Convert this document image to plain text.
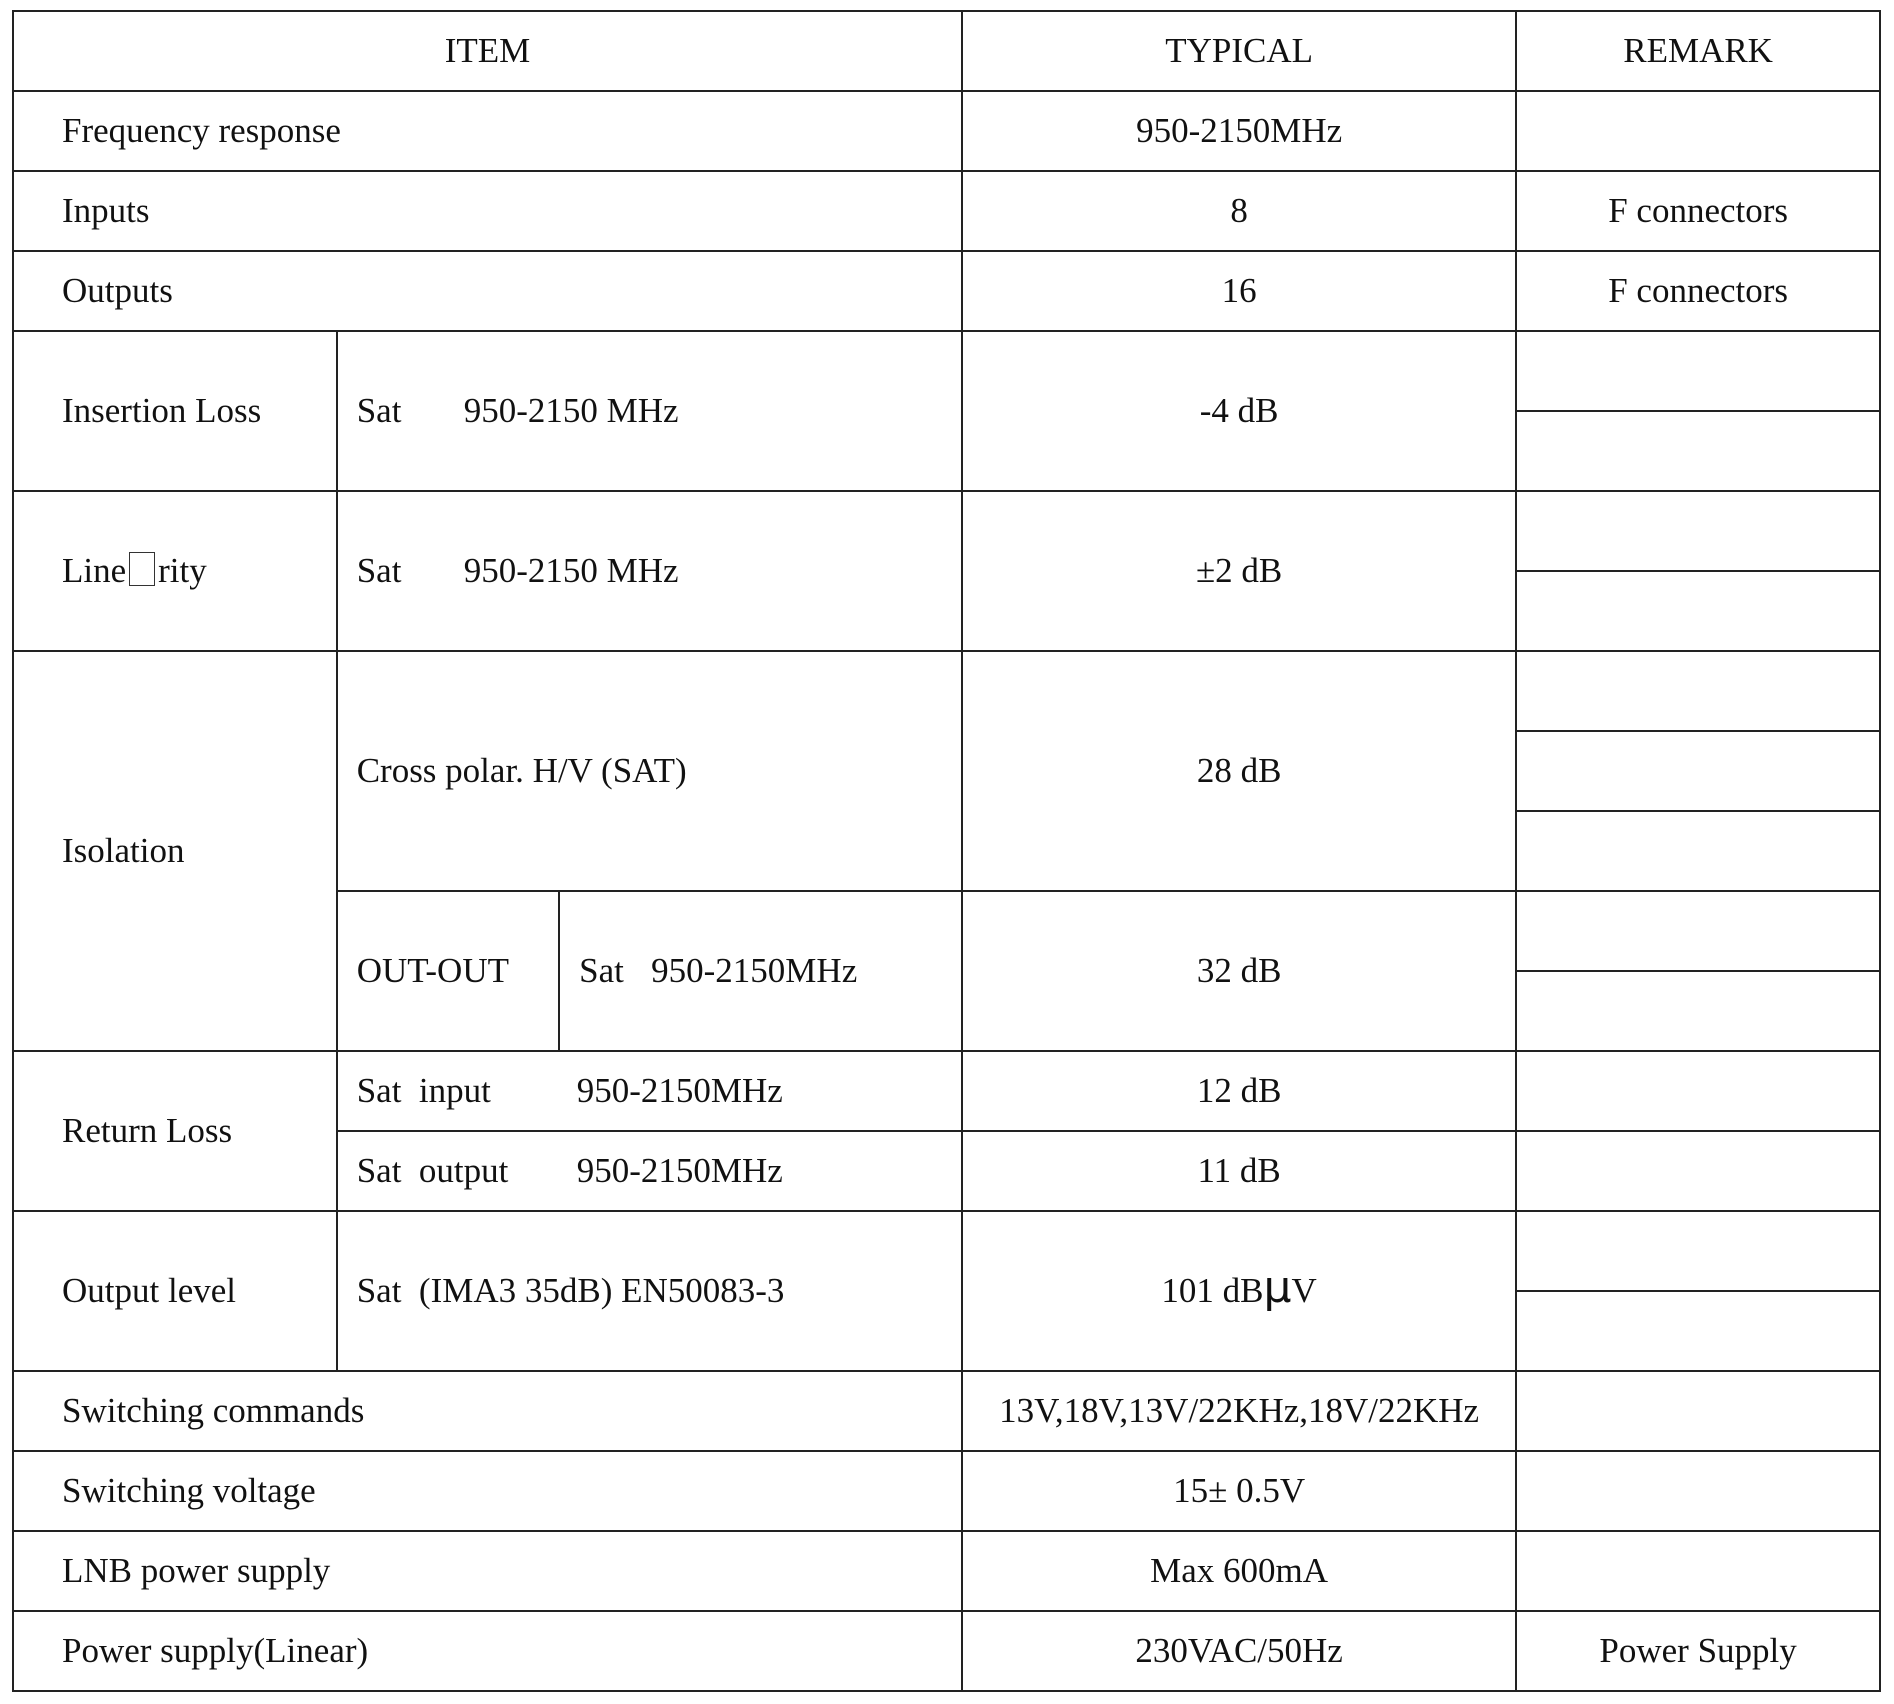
ITEM			TYPICAL	REMARK
Frequency response			950-2150MHz	
Inputs			8	F connectors
Outputs			16	F connectors
Insertion Loss	Sat 950-2150 MHz		-4 dB	

Line rity	Sat 950-2150 MHz		±2 dB	

Isolation	Cross polar. H/V (SAT)		28 dB	

	OUT-OUT	Sat 950-2150MHz	32 dB	

Return Loss	Sat  input 950-2150MHz		12 dB	
	Sat  output 950-2150MHz		11 dB	
Output level	Sat  (IMA3 35dB) EN50083-3		101 dBμV	

Switching commands			13V,18V,13V/22KHz,18V/22KHz	
Switching voltage			15± 0.5V	
LNB power supply			Max 600mA	
Power supply(Linear)			230VAC/50Hz	Power Supply
